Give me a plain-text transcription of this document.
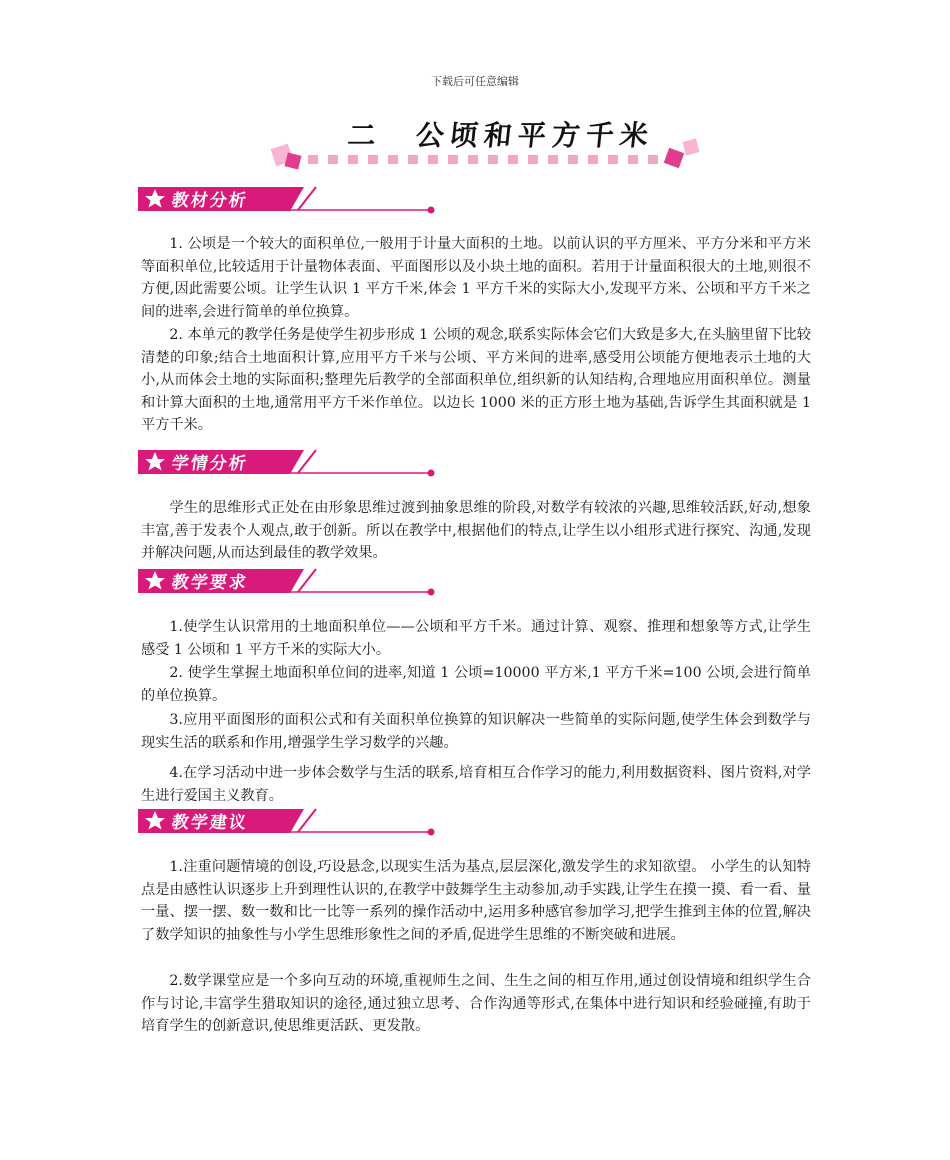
下载后可任意编辑
二　公顷和平方千米
教材分析

1. 公顷是一个较大的面积单位,一般用于计量大面积的土地。以前认识的平方厘米、平方分米和平方米等面积单位,比较适用于计量物体表面、平面图形以及小块土地的面积。若用于计量面积很大的土地,则很不方便,因此需要公顷。让学生认识 1 平方千米,体会 1 平方千米的实际大小,发现平方米、公顷和平方千米之间的进率,会进行简单的单位换算。

2. 本单元的教学任务是使学生初步形成 1 公顷的观念,联系实际体会它们大致是多大,在头脑里留下比较清楚的印象;结合土地面积计算,应用平方千米与公顷、平方米间的进率,感受用公顷能方便地表示土地的大小,从而体会土地的实际面积;整理先后教学的全部面积单位,组织新的认知结构,合理地应用面积单位。测量和计算大面积的土地,通常用平方千米作单位。以边长 1000 米的正方形土地为基础,告诉学生其面积就是 1 平方千米。

学情分析

学生的思维形式正处在由形象思维过渡到抽象思维的阶段,对数学有较浓的兴趣,思维较活跃,好动,想象丰富,善于发表个人观点,敢于创新。所以在教学中,根据他们的特点,让学生以小组形式进行探究、沟通,发现并解决问题,从而达到最佳的教学效果。

教学要求

1.使学生认识常用的土地面积单位——公顷和平方千米。通过计算、观察、推理和想象等方式,让学生感受 1 公顷和 1 平方千米的实际大小。

2. 使学生掌握土地面积单位间的进率,知道 1 公顷=10000 平方米,1 平方千米=100 公顷,会进行简单的单位换算。

3.应用平面图形的面积公式和有关面积单位换算的知识解决一些简单的实际问题,使学生体会到数学与现实生活的联系和作用,增强学生学习数学的兴趣。

4.在学习活动中进一步体会数学与生活的联系,培育相互合作学习的能力,利用数据资料、图片资料,对学生进行爱国主义教育。

教学建议

1.注重问题情境的创设,巧设悬念,以现实生活为基点,层层深化,激发学生的求知欲望。 小学生的认知特点是由感性认识逐步上升到理性认识的,在教学中鼓舞学生主动参加,动手实践,让学生在摸一摸、看一看、量一量、摆一摆、数一数和比一比等一系列的操作活动中,运用多种感官参加学习,把学生推到主体的位置,解决了数学知识的抽象性与小学生思维形象性之间的矛盾,促进学生思维的不断突破和进展。

2.数学课堂应是一个多向互动的环境,重视师生之间、生生之间的相互作用,通过创设情境和组织学生合作与讨论,丰富学生猎取知识的途径,通过独立思考、合作沟通等形式,在集体中进行知识和经验碰撞,有助于培育学生的创新意识,使思维更活跃、更发散。
